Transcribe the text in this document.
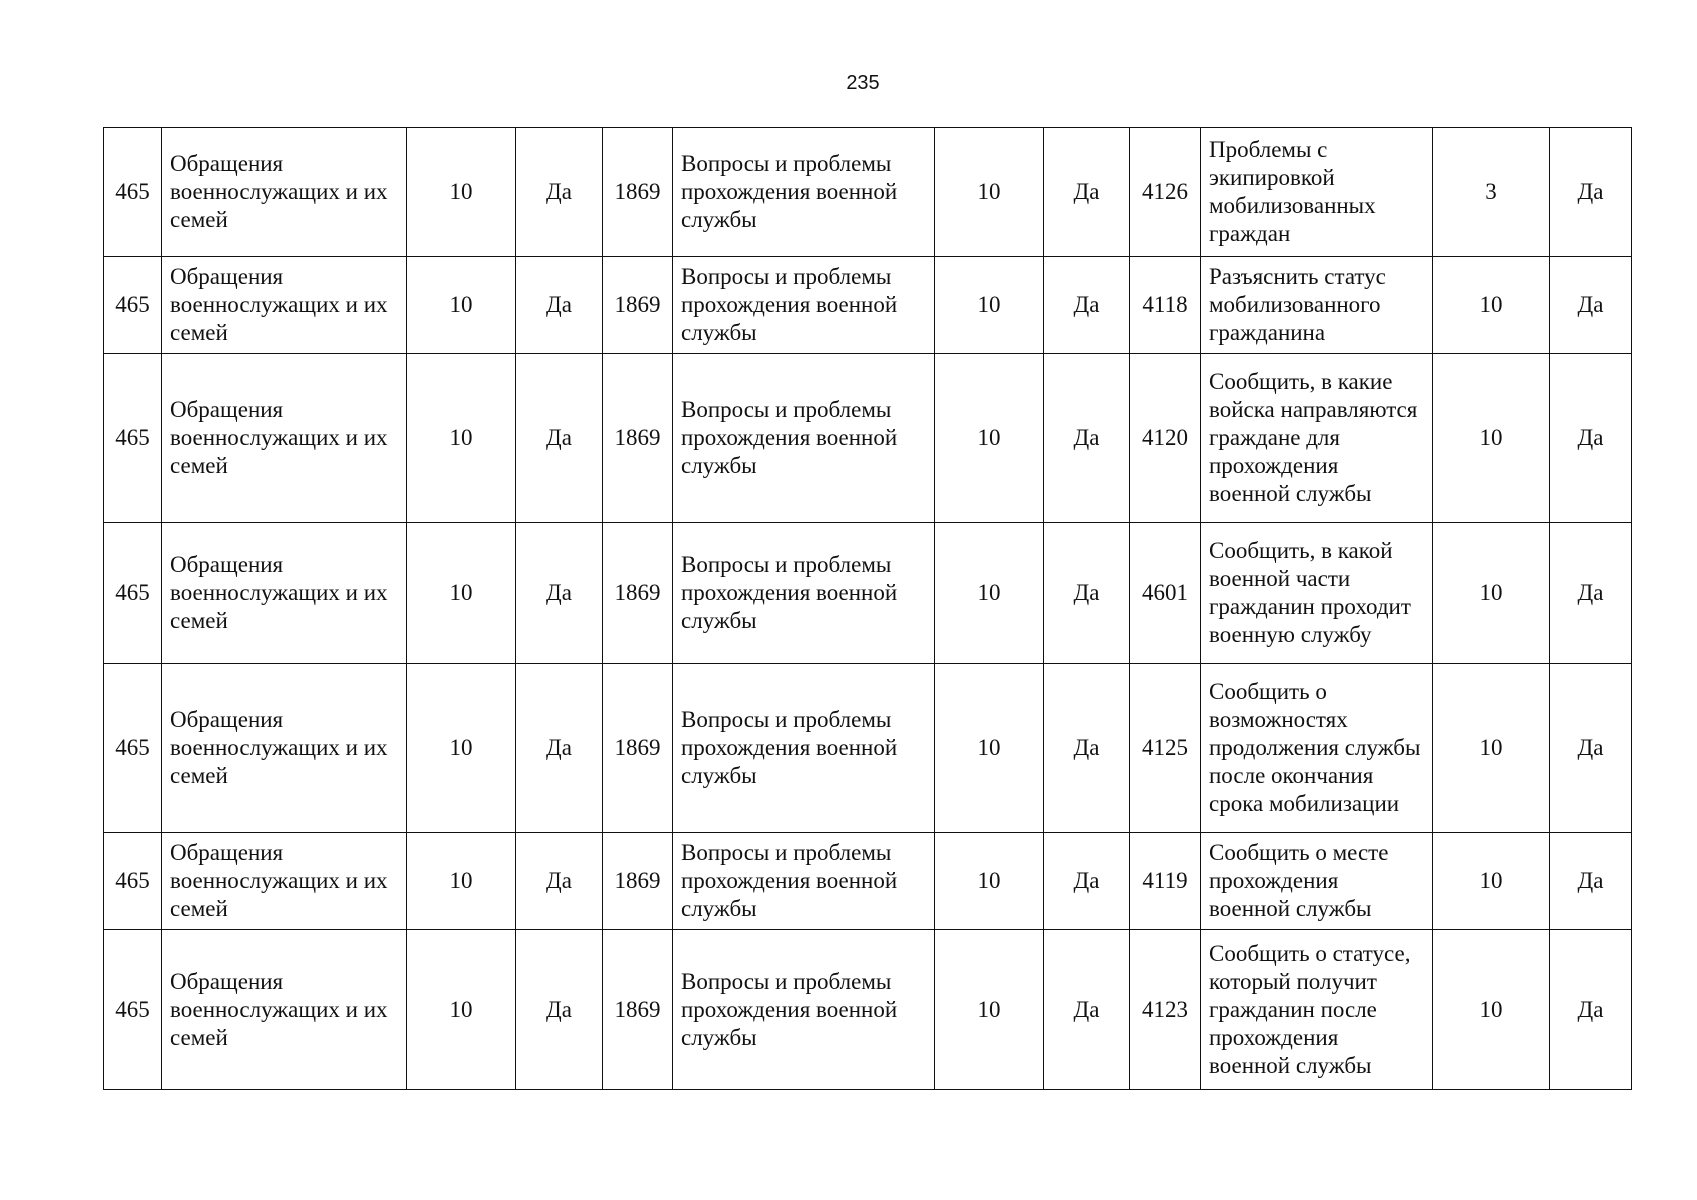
235
465	Обращения военнослужащих и их семей	10	Да	1869	Вопросы и проблемы прохождения военной службы	10	Да	4126	Проблемы с экипировкой мобилизованных граждан	3	Да
465	Обращения военнослужащих и их семей	10	Да	1869	Вопросы и проблемы прохождения военной службы	10	Да	4118	Разъяснить статус мобилизованного гражданина	10	Да
465	Обращения военнослужащих и их семей	10	Да	1869	Вопросы и проблемы прохождения военной службы	10	Да	4120	Сообщить, в какие войска направляются граждане для прохождения военной службы	10	Да
465	Обращения военнослужащих и их семей	10	Да	1869	Вопросы и проблемы прохождения военной службы	10	Да	4601	Сообщить, в какой военной части гражданин проходит военную службу	10	Да
465	Обращения военнослужащих и их семей	10	Да	1869	Вопросы и проблемы прохождения военной службы	10	Да	4125	Сообщить о возможностях продолжения службы после окончания срока мобилизации	10	Да
465	Обращения военнослужащих и их семей	10	Да	1869	Вопросы и проблемы прохождения военной службы	10	Да	4119	Сообщить о месте прохождения военной службы	10	Да
465	Обращения военнослужащих и их семей	10	Да	1869	Вопросы и проблемы прохождения военной службы	10	Да	4123	Сообщить о статусе, который получит гражданин после прохождения военной службы	10	Да
